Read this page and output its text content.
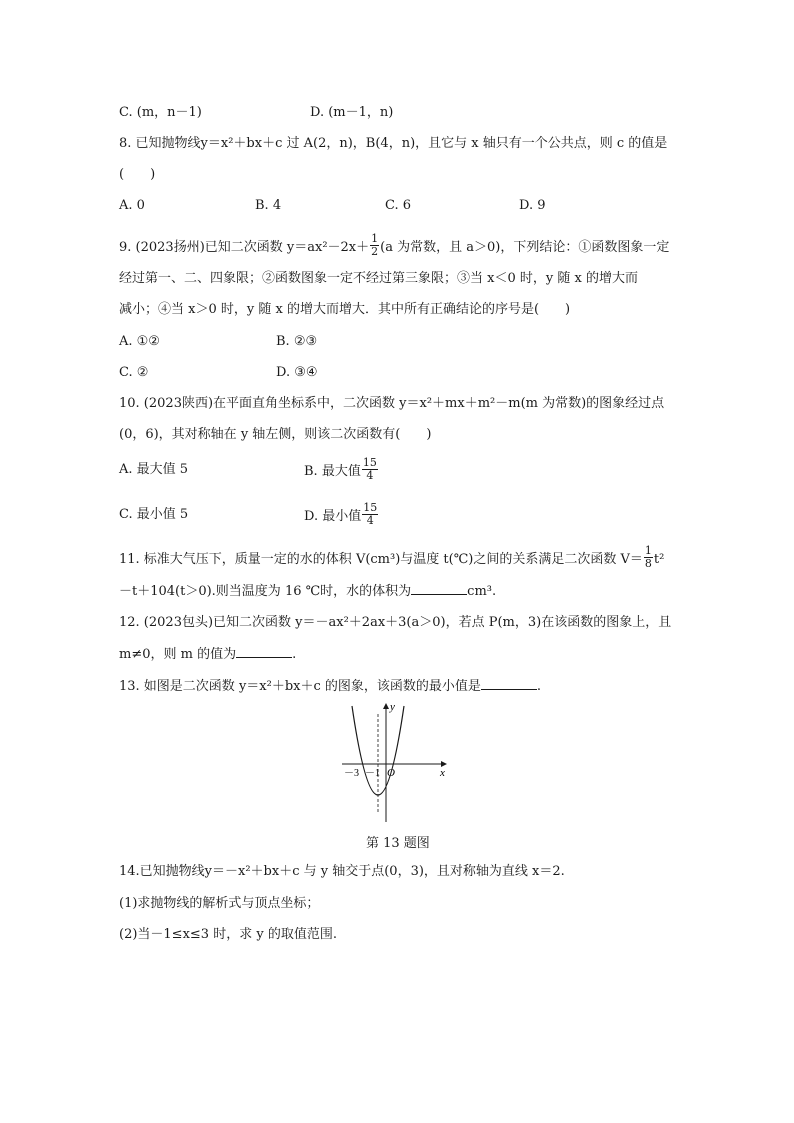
C. (m，n－1)	D. (m－1，n)
8. 已知抛物线y＝x²＋bx＋c 过 A(2，n)，B(4，n)，且它与 x 轴只有一个公共点，则 c 的值是
(　　)
A. 0	B. 4	C. 6	D. 9
9. (2023扬州)已知二次函数 $y=ax^2-2x+ \frac{1}{2} (a$ 为常数，且 a＞0)，下列结论：①函数图象一定
经过第一、二、四象限；②函数图象一定不经过第三象限；③当 x＜0 时，y 随 x 的增大而
减小；④当 x＞0 时，y 随 x 的增大而增大．其中所有正确结论的序号是(　　)
A. ①②	B. ②③
C. ②	D. ③④
10. (2023陕西)在平面直角坐标系中，二次函数 y＝x²＋mx＋m²－m(m 为常数)的图象经过点
(0，6)，其对称轴在 y 轴左侧，则该二次函数有(　　)
A. 最大值 5	B. 最大值 $\frac{15}{4}$
C. 最小值 5	D. 最小值 $\frac{15}{4}$
11. 标准大气压下，质量一定的水的体积 V(cm³)与温度 t(℃)之间的关系满足二次函数 $V= \frac{1}{8} t^2$
－t＋104(t＞0).则当温度为 16 ℃时，水的体积为	cm³.
12. (2023包头)已知二次函数 y＝－ax²＋2ax＋3(a＞0)，若点 P(m，3)在该函数的图象上，且
m≠0，则 m 的值为	.
13. 如图是二次函数 y＝x²＋bx＋c 的图象，该函数的最小值是	.
y
x
O
－3 －1
第 13 题图
14.已知抛物线y＝－x²＋bx＋c 与 y 轴交于点(0，3)，且对称轴为直线 x＝2.
(1)求抛物线的解析式与顶点坐标；
(2)当－1≤x≤3 时，求 y 的取值范围.
